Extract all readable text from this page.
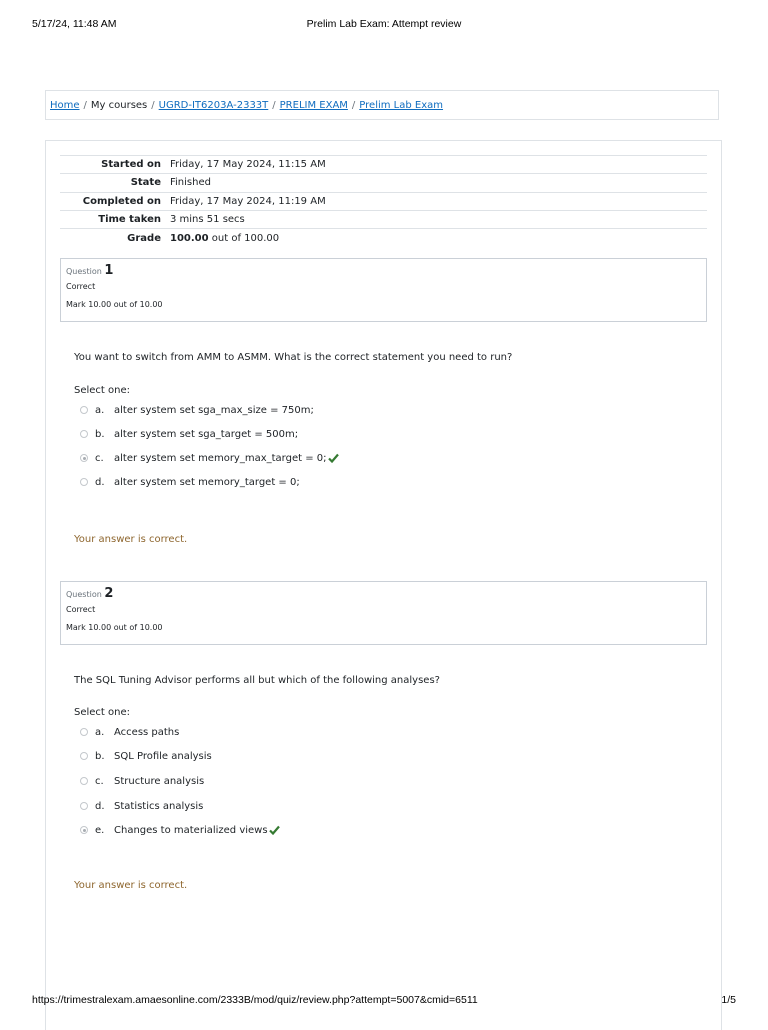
Prelim Lab Exam: Attempt review
5/17/24, 11:48 AM
Home / My courses / UGRD-IT6203A-2333T / PRELIM EXAM / Prelim Lab Exam
Started on	Friday, 17 May 2024, 11:15 AM
State	Finished
Completed on	Friday, 17 May 2024, 11:19 AM
Time taken	3 mins 51 secs
Grade	100.00 out of 100.00
Question 1
Correct
Mark 10.00 out of 10.00
You want to switch from AMM to ASMM. What is the correct statement you need to run?
Select one:
a. alter system set sga_max_size = 750m;
b. alter system set sga_target = 500m;
c.	alter system set memory_max_target = 0;
d. alter system set memory_target = 0;
Your answer is correct.
Question 2
Correct
Mark 10.00 out of 10.00
The SQL Tuning Advisor performs all but which of the following analyses?
Select one:
a. Access paths
b. SQL Profile analysis
c.	Structure analysis
d. Statistics analysis
e. Changes to materialized views
Your answer is correct.
https://trimestralexam.amaesonline.com/2333B/mod/quiz/review.php?attempt=5007&cmid=6511	1/5
